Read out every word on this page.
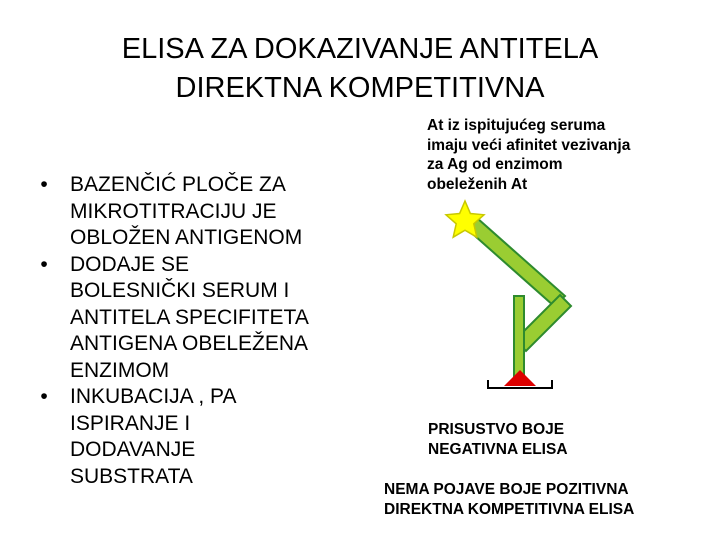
ELISA ZA DOKAZIVANJE ANTITELA
DIREKTNA KOMPETITIVNA
•	BAZENČIĆ PLOČE ZA
MIKROTITRACIJU JE
OBLOŽEN ANTIGENOM
•	DODAJE SE
BOLESNIČKI SERUM I
ANTITELA SPECIFITETA
ANTIGENA OBELEŽENA
ENZIMOM
•	INKUBACIJA , PA
ISPIRANJE I
DODAVANJE
SUBSTRATA
At iz ispitujućeg seruma
imaju veći afinitet vezivanja
za Ag od enzimom
obeleženih At
PRISUSTVO BOJE
NEGATIVNA ELISA
NEMA POJAVE BOJE POZITIVNA
DIREKTNA KOMPETITIVNA ELISA
